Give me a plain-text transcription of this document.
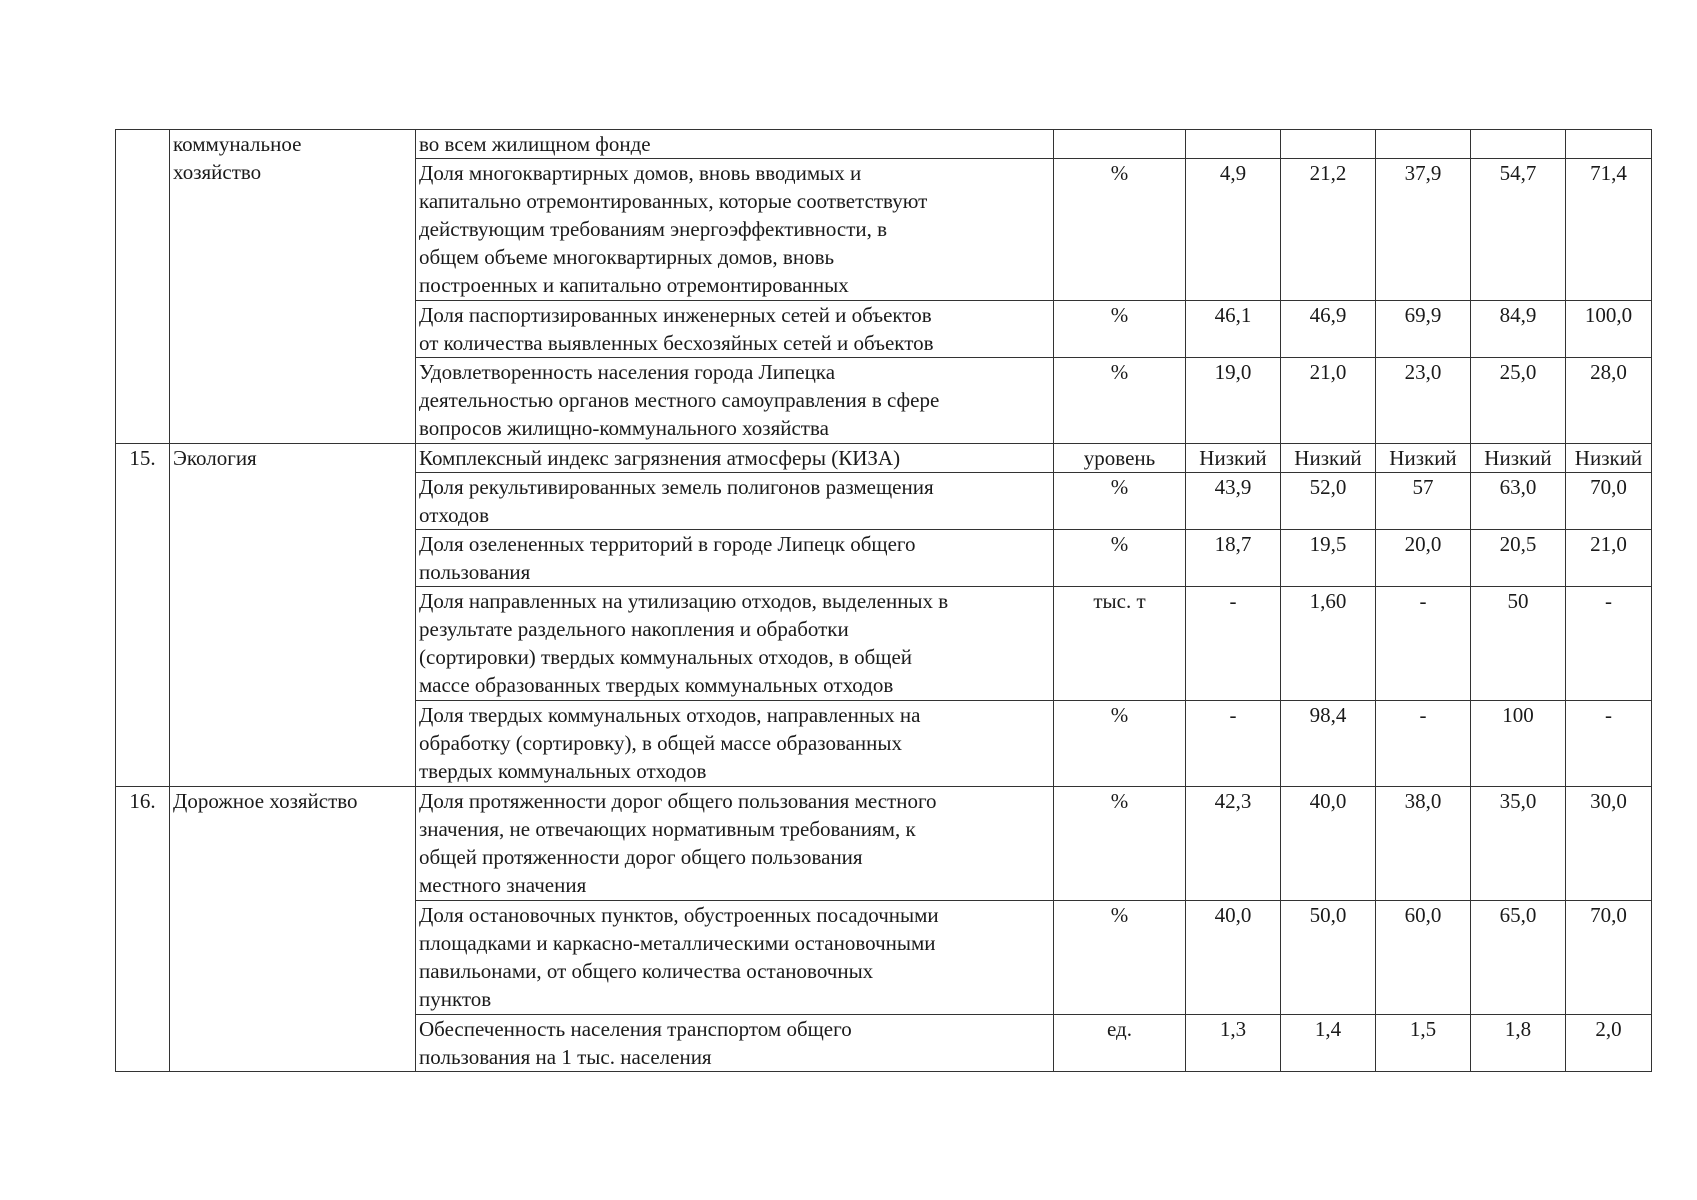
	коммунальное
хозяйство	во всем жилищном фонде						

		Доля многоквартирных домов, вновь вводимых и
капитально отремонтированных, которые соответствуют
действующим требованиям энергоэффективности, в
общем объеме многоквартирных домов, вновь
построенных и капитально отремонтированных	%	4,9	21,2	37,9	54,7	71,4

		Доля паспортизированных инженерных сетей и объектов
от количества выявленных бесхозяйных сетей и объектов	%	46,1	46,9	69,9	84,9	100,0

		Удовлетворенность населения города Липецка
деятельностью органов местного самоуправления в сфере
вопросов жилищно-коммунального хозяйства	%	19,0	21,0	23,0	25,0	28,0
15.	Экология	Комплексный индекс загрязнения атмосферы (КИЗА)	уровень	Низкий	Низкий	Низкий	Низкий	Низкий

		Доля рекультивированных земель полигонов размещения
отходов	%	43,9	52,0	57	63,0	70,0

		Доля озелененных территорий в городе Липецк общего
пользования	%	18,7	19,5	20,0	20,5	21,0

		Доля направленных на утилизацию отходов, выделенных в
результате раздельного накопления и обработки
(сортировки) твердых коммунальных отходов, в общей
массе образованных твердых коммунальных отходов	тыс. т	-	1,60	-	50	-

		Доля твердых коммунальных отходов, направленных на
обработку (сортировку), в общей массе образованных
твердых коммунальных отходов	%	-	98,4	-	100	-
16.	Дорожное хозяйство	Доля протяженности дорог общего пользования местного
значения, не отвечающих нормативным требованиям, к
общей протяженности дорог общего пользования
местного значения	%	42,3	40,0	38,0	35,0	30,0

		Доля остановочных пунктов, обустроенных посадочными
площадками и каркасно-металлическими остановочными
павильонами, от общего количества остановочных
пунктов	%	40,0	50,0	60,0	65,0	70,0

		Обеспеченность населения транспортом общего
пользования на 1 тыс. населения	ед.	1,3	1,4	1,5	1,8	2,0
